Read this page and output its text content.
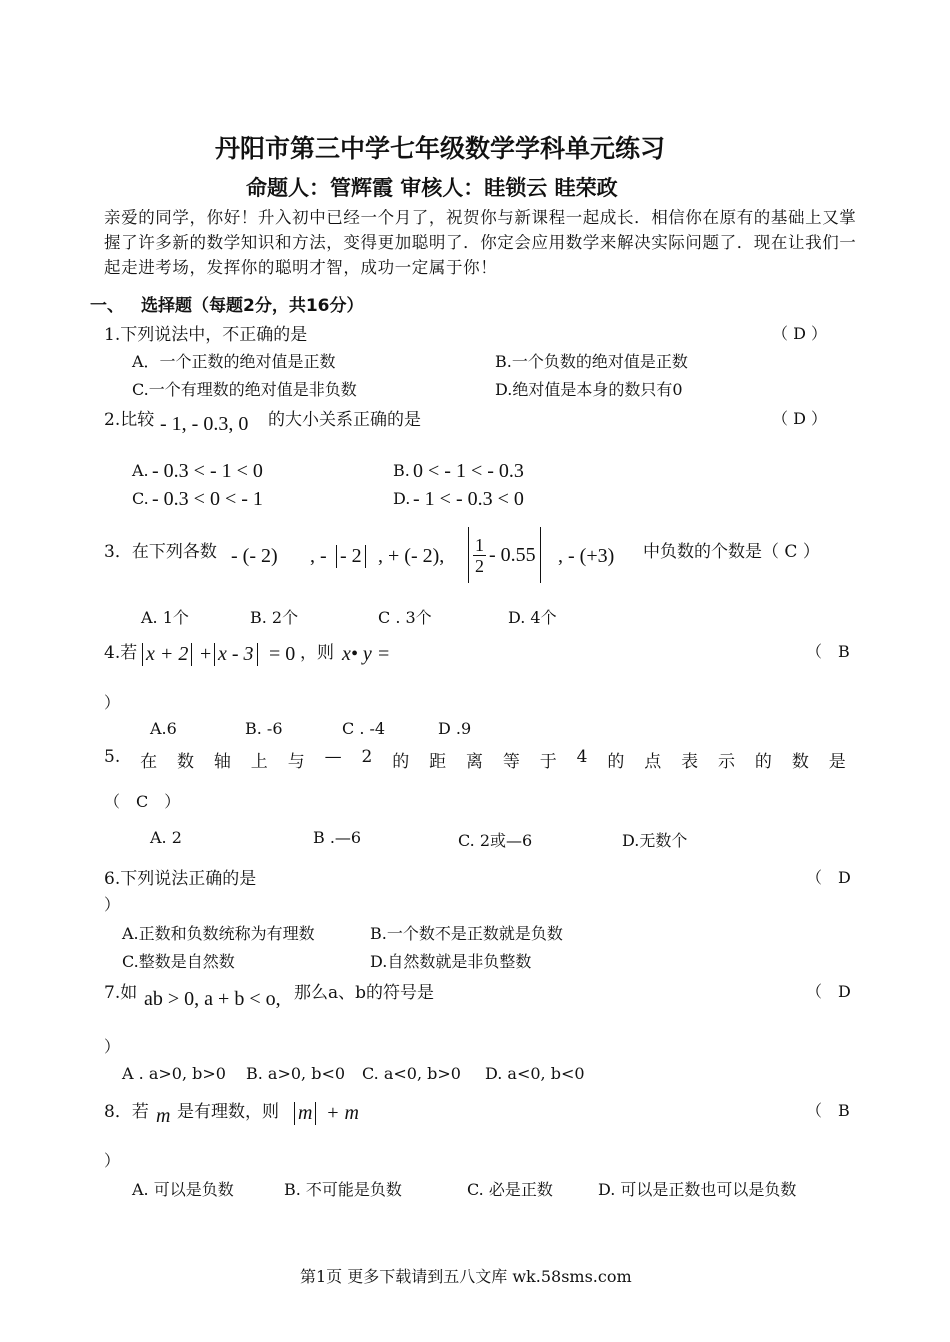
丹阳市第三中学七年级数学学科单元练习
命题人：管辉霞 审核人：眭锁云 眭荣政
亲爱的同学，你好！升入初中已经一个月了，祝贺你与新课程一起成长．相信你在原有的基础上又掌握了许多新的数学知识和方法，变得更加聪明了．你定会应用数学来解决实际问题了．现在让我们一起走进考场，发挥你的聪明才智，成功一定属于你！
一、 选择题（每题2分，共16分）
1.下列说法中，不正确的是	（ D ）
A．一个正数的绝对值是正数	B.一个负数的绝对值是正数
C.一个有理数的绝对值是非负数	D.绝对值是本身的数只有0
2.比较 - 1, - 0.3, 0 的大小关系正确的是	（ D ）
A. - 0.3 < - 1 < 0	B. 0 < - 1 < - 0.3
C. - 0.3 < 0 < - 1	D. - 1 < - 0.3 < 0
3．在下列各数 - (- 2) , - - 2 , + (- 2), $\frac{1}{2} - 0.55$ , - (+3) 中负数的个数是（ C ）
A. 1个	B. 2个	C . 3个	D. 4个
4.若 x + 2 + x - 3 = 0 ，则 x• y =	（　B
）
A.6	B. -6	C . -4	D .9
5. 在 数 轴 上 与 — 2 的 距 离 等 于 4 的 点 表 示 的 数 是
（　C　）
A. 2	B .—6	C. 2或—6	D.无数个
6.下列说法正确的是	（　D
）
A.正数和负数统称为有理数	B.一个数不是正数就是负数
C.整数是自然数	D.自然数就是非负整数
7.如 ab > 0, a + b < o, 那么a、b的符号是	（　D
）
A . a>0, b>0 B. a>0, b<0 C. a<0, b>0 D. a<0, b<0
8．若 m 是有理数，则 m + m	（　B
）
A. 可以是负数	B. 不可能是负数	C. 必是正数	D. 可以是正数也可以是负数
第1页 更多下载请到五八文库 wk.58sms.com
